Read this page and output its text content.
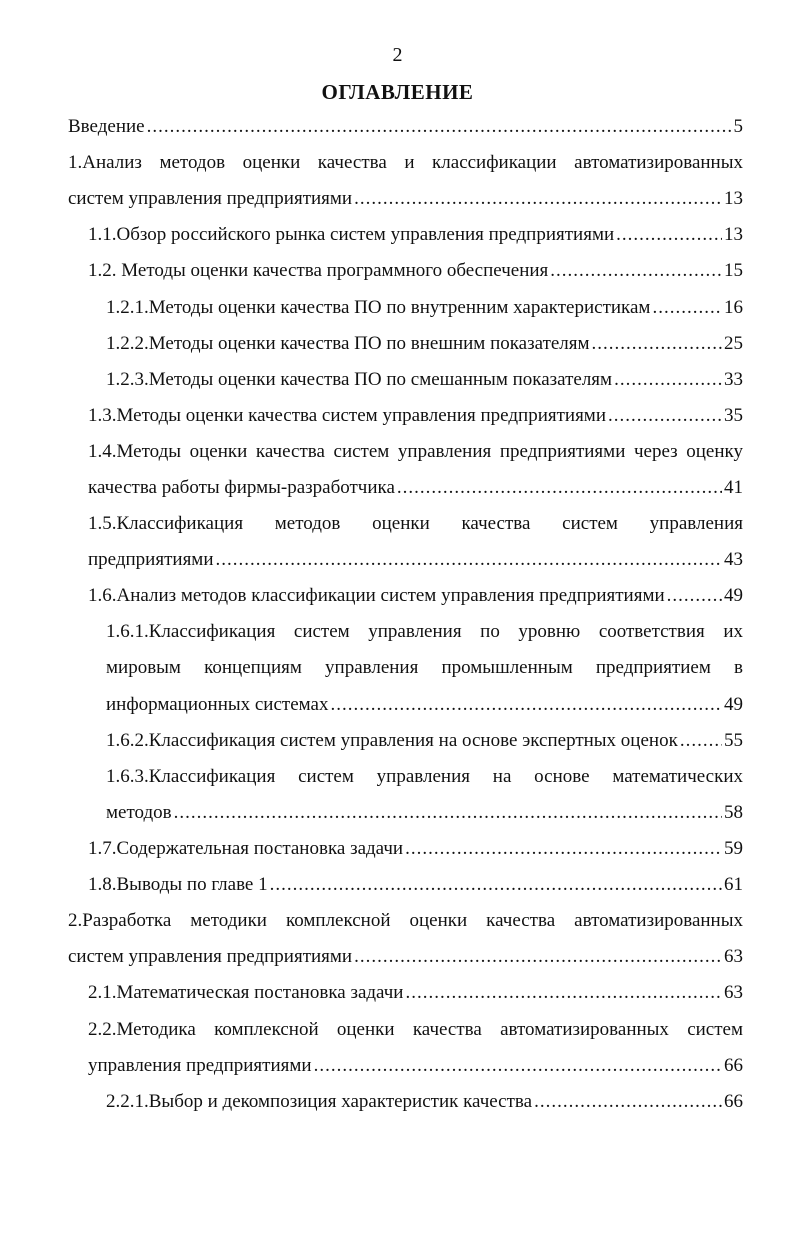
2
ОГЛАВЛЕНИЕ
Введение .....	5
1.Анализ методов оценки качества и классификации автоматизированных
систем управления предприятиями .....	13
1.1.Обзор российского рынка систем управления предприятиями .....	13
1.2. Методы оценки качества программного обеспечения .....	15
1.2.1.Методы оценки качества ПО по внутренним характеристикам .....	16
1.2.2.Методы оценки качества ПО по внешним показателям .....	25
1.2.3.Методы оценки качества ПО по смешанным показателям .....	33
1.3.Методы оценки качества систем управления предприятиями .....	35
1.4.Методы оценки качества систем управления предприятиями через оценку
качества работы фирмы-разработчика .....	41
1.5.Классификация методов оценки качества систем управления
предприятиями .....	43
1.6.Анализ методов классификации систем управления предприятиями .....	49
1.6.1.Классификация систем управления по уровню соответствия их
мировым концепциям управления промышленным предприятием в
информационных системах .....	49
1.6.2.Классификация систем управления на основе экспертных оценок ..... 55
1.6.3.Классификация систем управления на основе математических
методов .....	58
1.7.Содержательная постановка задачи .....	59
1.8.Выводы по главе 1 .....	61
2.Разработка методики комплексной оценки качества автоматизированных
систем управления предприятиями .....	63
2.1.Математическая постановка задачи .....	63
2.2.Методика комплексной оценки качества автоматизированных систем
управления предприятиями .....	66
2.2.1.Выбор и декомпозиция характеристик качества .....	66
